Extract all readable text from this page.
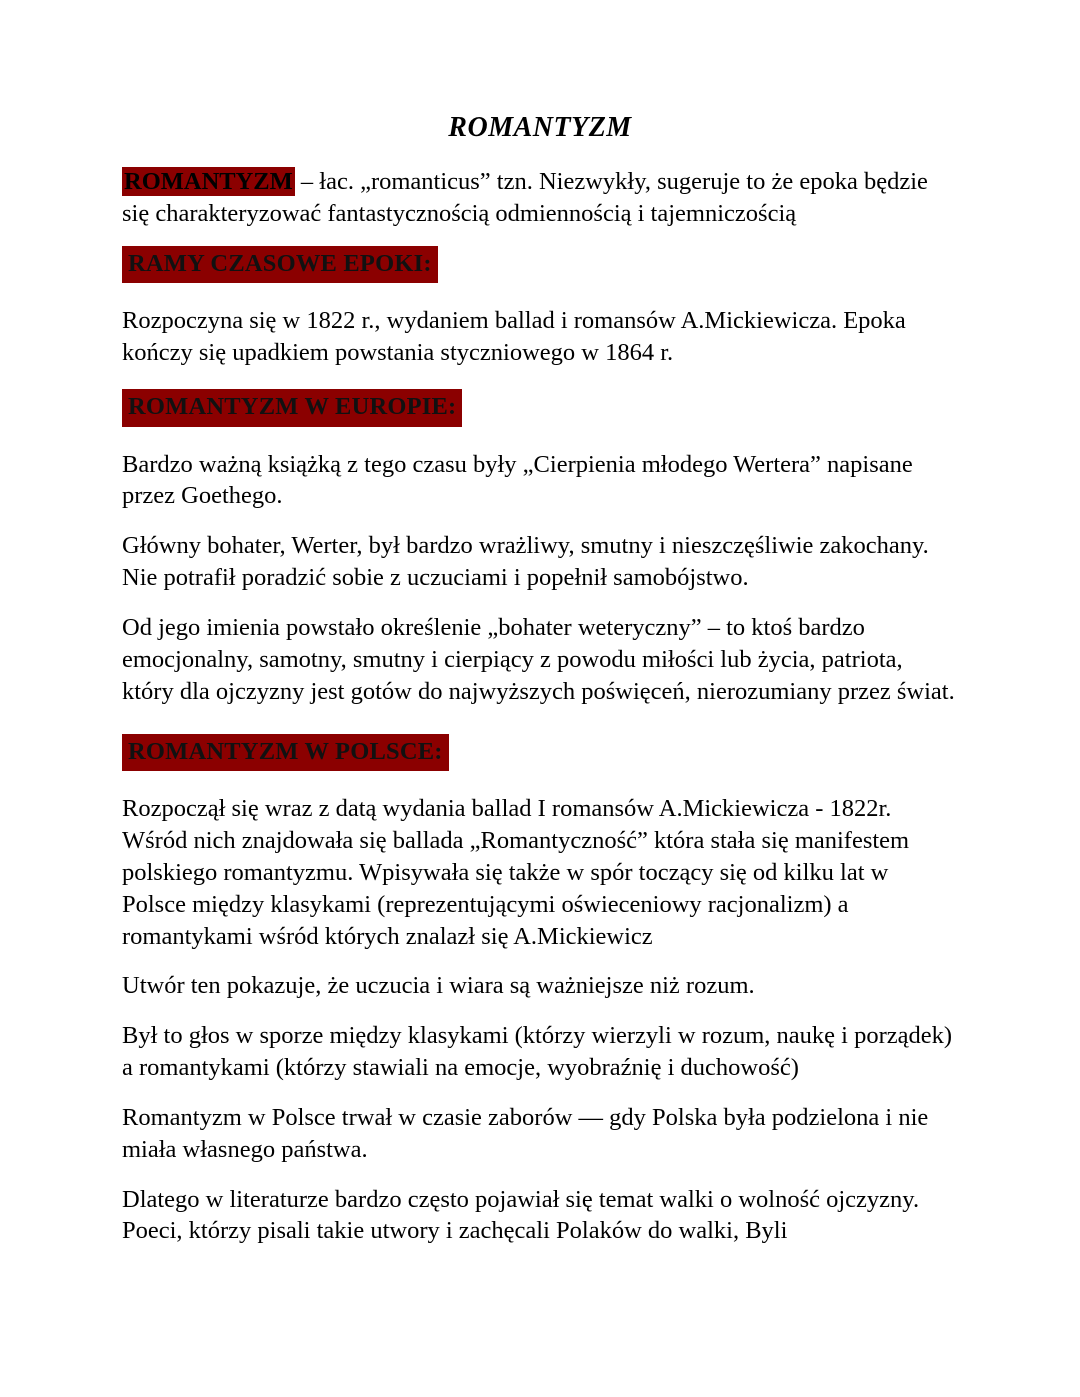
ROMANTYZM

ROMANTYZM – łac. „romanticus” tzn. Niezwykły, sugeruje to że epoka będzie się charakteryzować fantastycznością odmiennością i tajemniczością

RAMY CZASOWE EPOKI:

Rozpoczyna się w 1822 r., wydaniem ballad i romansów A.Mickiewicza. Epoka kończy się upadkiem powstania styczniowego w 1864 r.

ROMANTYZM W EUROPIE:

Bardzo ważną książką z tego czasu były „Cierpienia młodego Wertera” napisane przez Goethego.

Główny bohater, Werter, był bardzo wrażliwy, smutny i nieszczęśliwie zakochany. Nie potrafił poradzić sobie z uczuciami i popełnił samobójstwo.

Od jego imienia powstało określenie „bohater weteryczny” – to ktoś bardzo emocjonalny, samotny, smutny i cierpiący z powodu miłości lub życia, patriota, który dla ojczyzny jest gotów do najwyższych poświęceń, nierozumiany przez świat.

ROMANTYZM W POLSCE:

Rozpoczął się wraz z datą wydania ballad I romansów A.Mickiewicza - 1822r. Wśród nich znajdowała się ballada „Romantyczność” która stała się manifestem polskiego romantyzmu. Wpisywała się także w spór toczący się od kilku lat w Polsce między klasykami (reprezentującymi oświeceniowy racjonalizm) a romantykami wśród których znalazł się A.Mickiewicz

Utwór ten pokazuje, że uczucia i wiara są ważniejsze niż rozum.

Był to głos w sporze między klasykami (którzy wierzyli w rozum, naukę i porządek) a romantykami (którzy stawiali na emocje, wyobraźnię i duchowość)

Romantyzm w Polsce trwał w czasie zaborów — gdy Polska była podzielona i nie miała własnego państwa.

Dlatego w literaturze bardzo często pojawiał się temat walki o wolność ojczyzny. Poeci, którzy pisali takie utwory i zachęcali Polaków do walki, Byli
